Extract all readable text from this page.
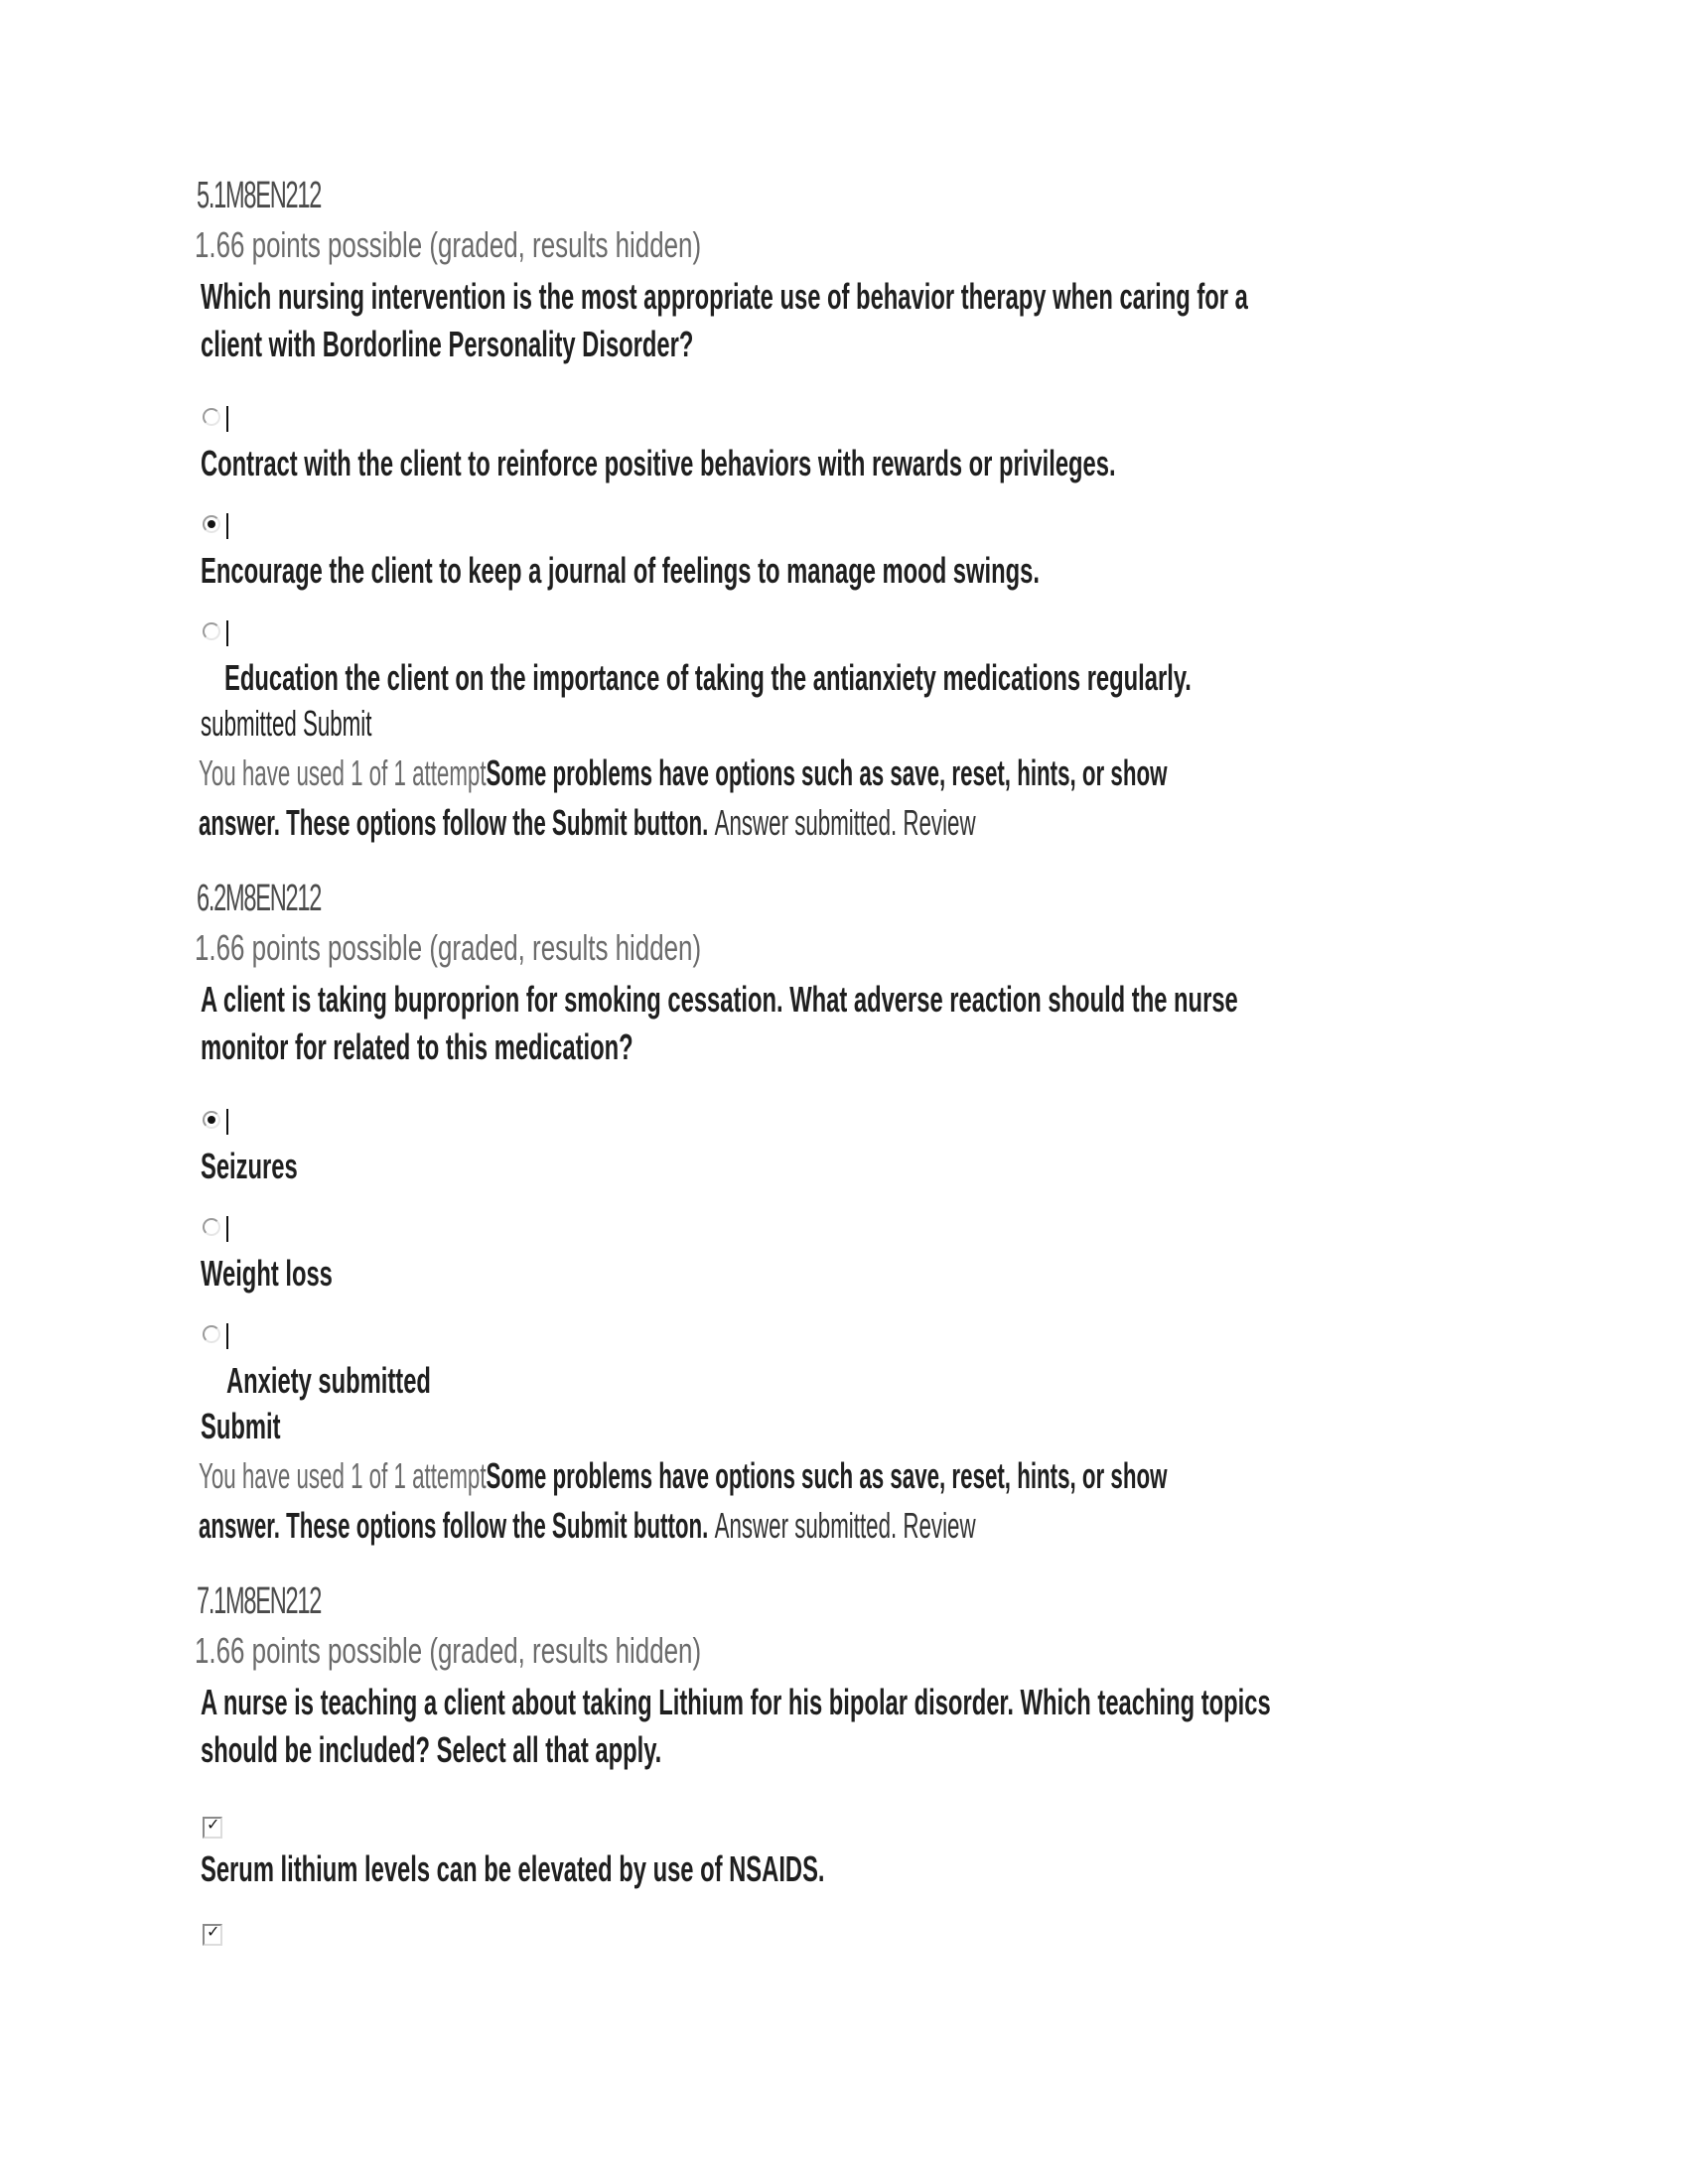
5.1M8EN212
1.66 points possible (graded, results hidden)
Which nursing intervention is the most appropriate use of behavior therapy when caring for a
client with Bordorline Personality Disorder?
Contract with the client to reinforce positive behaviors with rewards or privileges.
Encourage the client to keep a journal of feelings to manage mood swings.
Education the client on the importance of taking the antianxiety medications regularly.
submitted Submit
You have used 1 of 1 attemptSome problems have options such as save, reset, hints, or show
answer. These options follow the Submit button. Answer submitted. Review
6.2M8EN212
1.66 points possible (graded, results hidden)
A client is taking buproprion for smoking cessation. What adverse reaction should the nurse
monitor for related to this medication?
Seizures
Weight loss
Anxiety submitted
Submit
You have used 1 of 1 attemptSome problems have options such as save, reset, hints, or show
answer. These options follow the Submit button. Answer submitted. Review
7.1M8EN212
1.66 points possible (graded, results hidden)
A nurse is teaching a client about taking Lithium for his bipolar disorder. Which teaching topics
should be included? Select all that apply.
✓
Serum lithium levels can be elevated by use of NSAIDS.
✓
